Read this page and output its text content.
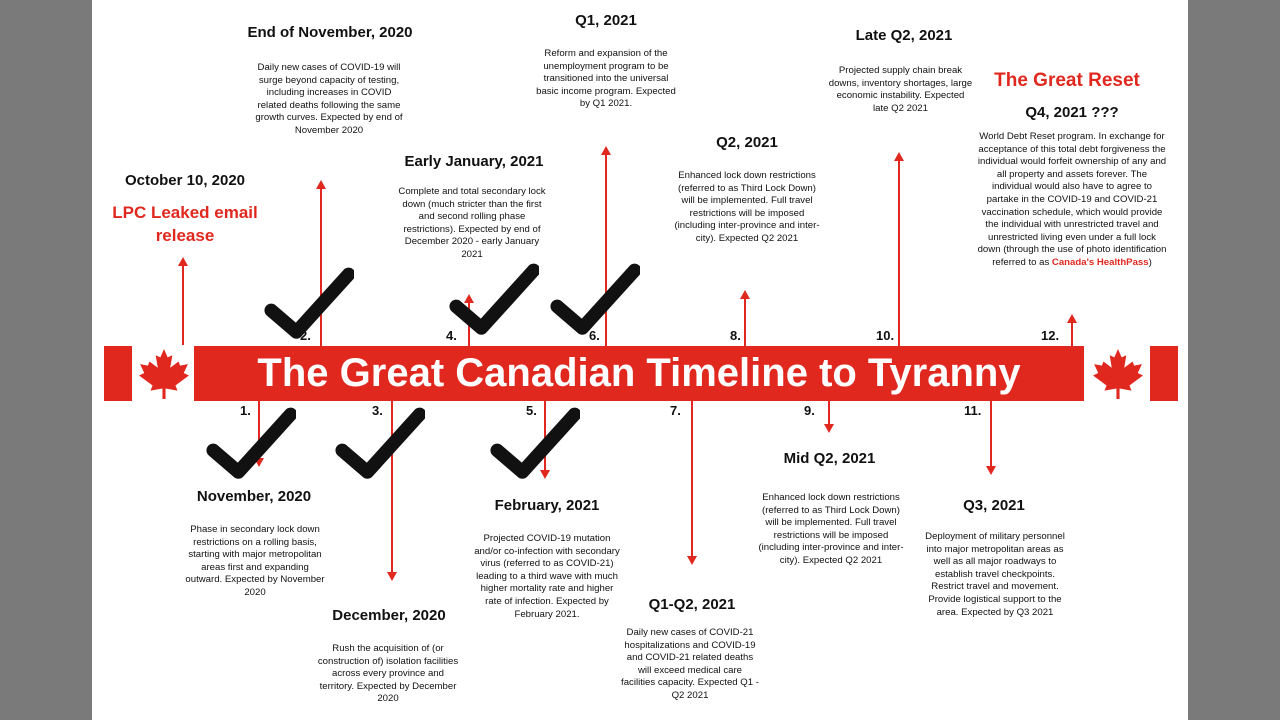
The Great Canadian Timeline to Tyranny
October 10, 2020
LPC Leaked email
release
1.
November, 2020
Phase in secondary lock down restrictions on a rolling basis, starting with major metropolitan areas first and expanding outward. Expected by November 2020
2.
End of November, 2020
Daily new cases of COVID-19 will surge beyond capacity of testing, including increases in COVID related deaths following the same growth curves. Expected by end of November 2020
3.
December, 2020
Rush the acquisition of (or construction of) isolation facilities across every province and territory. Expected by December 2020
4.
Early January, 2021
Complete and total secondary lock down (much stricter than the first and second rolling phase restrictions). Expected by end of December 2020 - early January 2021
5.
February, 2021
Projected COVID-19 mutation and/or co-infection with secondary virus (referred to as COVID-21) leading to a third wave with much higher mortality rate and higher rate of infection. Expected by February 2021.
6.
Q1, 2021
Reform and expansion of the unemployment program to be transitioned into the universal basic income program. Expected by Q1 2021.
7.
Q1-Q2, 2021
Daily new cases of COVID-21 hospitalizations and COVID-19 and COVID-21 related deaths will exceed medical care facilities capacity. Expected Q1 - Q2 2021
8.
Q2, 2021
Enhanced lock down restrictions (referred to as Third Lock Down) will be implemented. Full travel restrictions will be imposed (including inter-province and inter-city). Expected Q2 2021
9.
Mid Q2, 2021
Enhanced lock down restrictions (referred to as Third Lock Down) will be implemented. Full travel restrictions will be imposed (including inter-province and inter-city). Expected Q2 2021
10.
Late Q2, 2021
Projected supply chain break downs, inventory shortages, large economic instability. Expected late Q2 2021
11.
Q3, 2021
Deployment of military personnel into major metropolitan areas as well as all major roadways to establish travel checkpoints. Restrict travel and movement. Provide logistical support to the area. Expected by Q3 2021
12.
The Great Reset
Q4, 2021 ???
World Debt Reset program. In exchange for acceptance of this total debt forgiveness the individual would forfeit ownership of any and all property and assets forever. The individual would also have to agree to partake in the COVID-19 and COVID-21 vaccination schedule, which would provide the individual with unrestricted travel and unrestricted living even under a full lock down (through the use of photo identification referred to as Canada's HealthPass)
